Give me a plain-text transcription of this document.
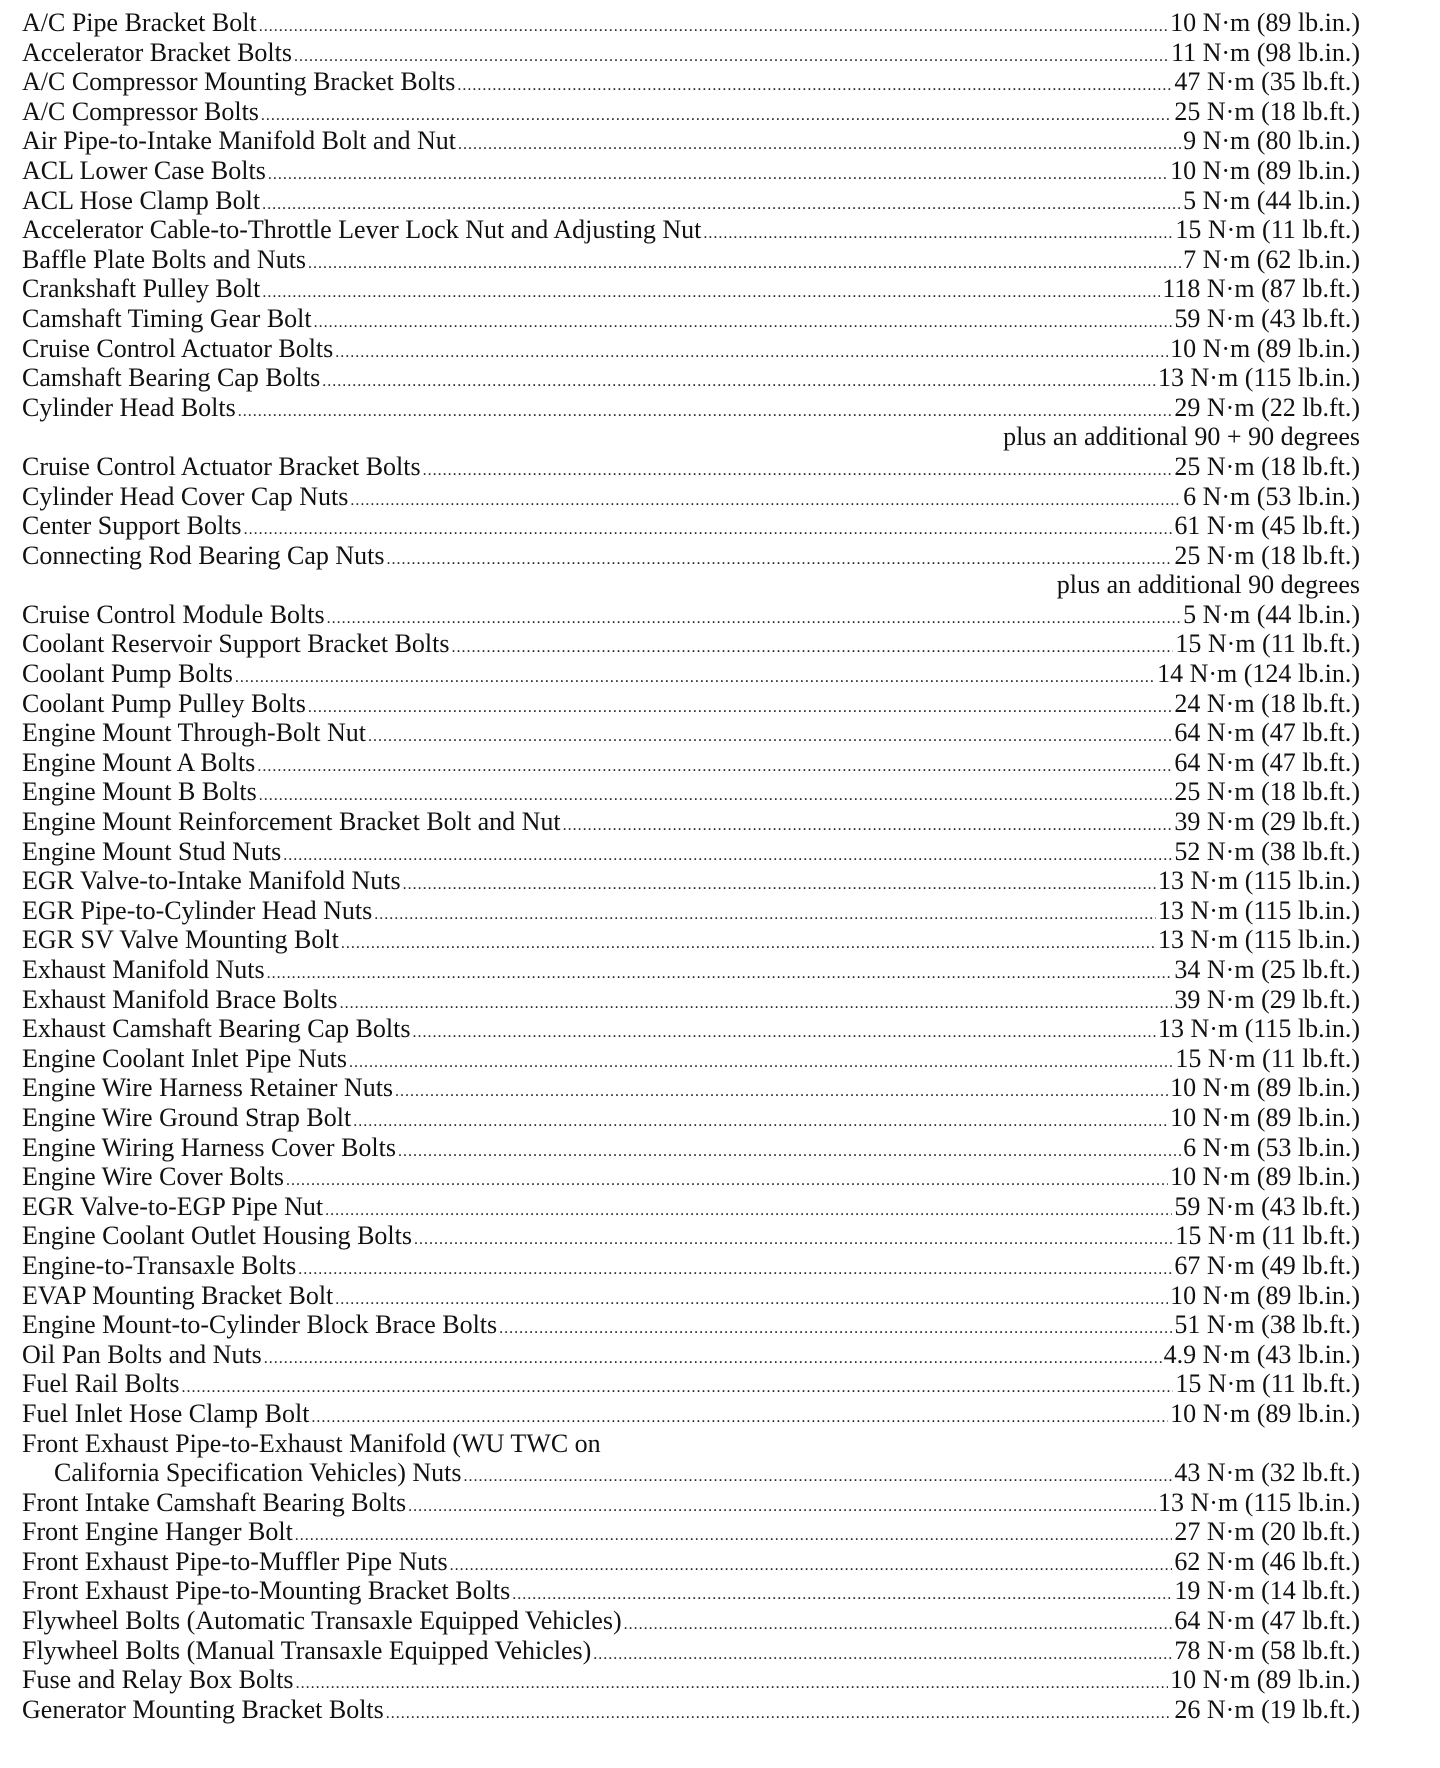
A/C Pipe Bracket Bolt .....	10 N·m (89 lb.in.)
Accelerator Bracket Bolts .....	11 N·m (98 lb.in.)
A/C Compressor Mounting Bracket Bolts .....	47 N·m (35 lb.ft.)
A/C Compressor Bolts .....	25 N·m (18 lb.ft.)
Air Pipe-to-Intake Manifold Bolt and Nut .....	9 N·m (80 lb.in.)
ACL Lower Case Bolts .....	10 N·m (89 lb.in.)
ACL Hose Clamp Bolt .....	5 N·m (44 lb.in.)
Accelerator Cable-to-Throttle Lever Lock Nut and Adjusting Nut .....	15 N·m (11 lb.ft.)
Baffle Plate Bolts and Nuts .....	7 N·m (62 lb.in.)
Crankshaft Pulley Bolt .....	118 N·m (87 lb.ft.)
Camshaft Timing Gear Bolt .....	59 N·m (43 lb.ft.)
Cruise Control Actuator Bolts .....	10 N·m (89 lb.in.)
Camshaft Bearing Cap Bolts .....	13 N·m (115 lb.in.)
Cylinder Head Bolts .....	29 N·m (22 lb.ft.)
plus an additional 90 + 90 degrees
Cruise Control Actuator Bracket Bolts .....	25 N·m (18 lb.ft.)
Cylinder Head Cover Cap Nuts .....	6 N·m (53 lb.in.)
Center Support Bolts .....	61 N·m (45 lb.ft.)
Connecting Rod Bearing Cap Nuts .....	25 N·m (18 lb.ft.)
plus an additional 90 degrees
Cruise Control Module Bolts .....	5 N·m (44 lb.in.)
Coolant Reservoir Support Bracket Bolts .....	15 N·m (11 lb.ft.)
Coolant Pump Bolts .....	14 N·m (124 lb.in.)
Coolant Pump Pulley Bolts .....	24 N·m (18 lb.ft.)
Engine Mount Through-Bolt Nut .....	64 N·m (47 lb.ft.)
Engine Mount A Bolts .....	64 N·m (47 lb.ft.)
Engine Mount B Bolts .....	25 N·m (18 lb.ft.)
Engine Mount Reinforcement Bracket Bolt and Nut .....	39 N·m (29 lb.ft.)
Engine Mount Stud Nuts .....	52 N·m (38 lb.ft.)
EGR Valve-to-Intake Manifold Nuts .....	13 N·m (115 lb.in.)
EGR Pipe-to-Cylinder Head Nuts .....	13 N·m (115 lb.in.)
EGR SV Valve Mounting Bolt .....	13 N·m (115 lb.in.)
Exhaust Manifold Nuts .....	34 N·m (25 lb.ft.)
Exhaust Manifold Brace Bolts .....	39 N·m (29 lb.ft.)
Exhaust Camshaft Bearing Cap Bolts .....	13 N·m (115 lb.in.)
Engine Coolant Inlet Pipe Nuts .....	15 N·m (11 lb.ft.)
Engine Wire Harness Retainer Nuts .....	10 N·m (89 lb.in.)
Engine Wire Ground Strap Bolt .....	10 N·m (89 lb.in.)
Engine Wiring Harness Cover Bolts .....	6 N·m (53 lb.in.)
Engine Wire Cover Bolts .....	10 N·m (89 lb.in.)
EGR Valve-to-EGP Pipe Nut .....	59 N·m (43 lb.ft.)
Engine Coolant Outlet Housing Bolts .....	15 N·m (11 lb.ft.)
Engine-to-Transaxle Bolts .....	67 N·m (49 lb.ft.)
EVAP Mounting Bracket Bolt .....	10 N·m (89 lb.in.)
Engine Mount-to-Cylinder Block Brace Bolts .....	51 N·m (38 lb.ft.)
Oil Pan Bolts and Nuts .....	4.9 N·m (43 lb.in.)
Fuel Rail Bolts .....	15 N·m (11 lb.ft.)
Fuel Inlet Hose Clamp Bolt .....	10 N·m (89 lb.in.)
Front Exhaust Pipe-to-Exhaust Manifold (WU TWC on
California Specification Vehicles) Nuts .....	43 N·m (32 lb.ft.)
Front Intake Camshaft Bearing Bolts .....	13 N·m (115 lb.in.)
Front Engine Hanger Bolt .....	27 N·m (20 lb.ft.)
Front Exhaust Pipe-to-Muffler Pipe Nuts .....	62 N·m (46 lb.ft.)
Front Exhaust Pipe-to-Mounting Bracket Bolts .....	19 N·m (14 lb.ft.)
Flywheel Bolts (Automatic Transaxle Equipped Vehicles) .....	64 N·m (47 lb.ft.)
Flywheel Bolts (Manual Transaxle Equipped Vehicles) .....	78 N·m (58 lb.ft.)
Fuse and Relay Box Bolts .....	10 N·m (89 lb.in.)
Generator Mounting Bracket Bolts .....	26 N·m (19 lb.ft.)
